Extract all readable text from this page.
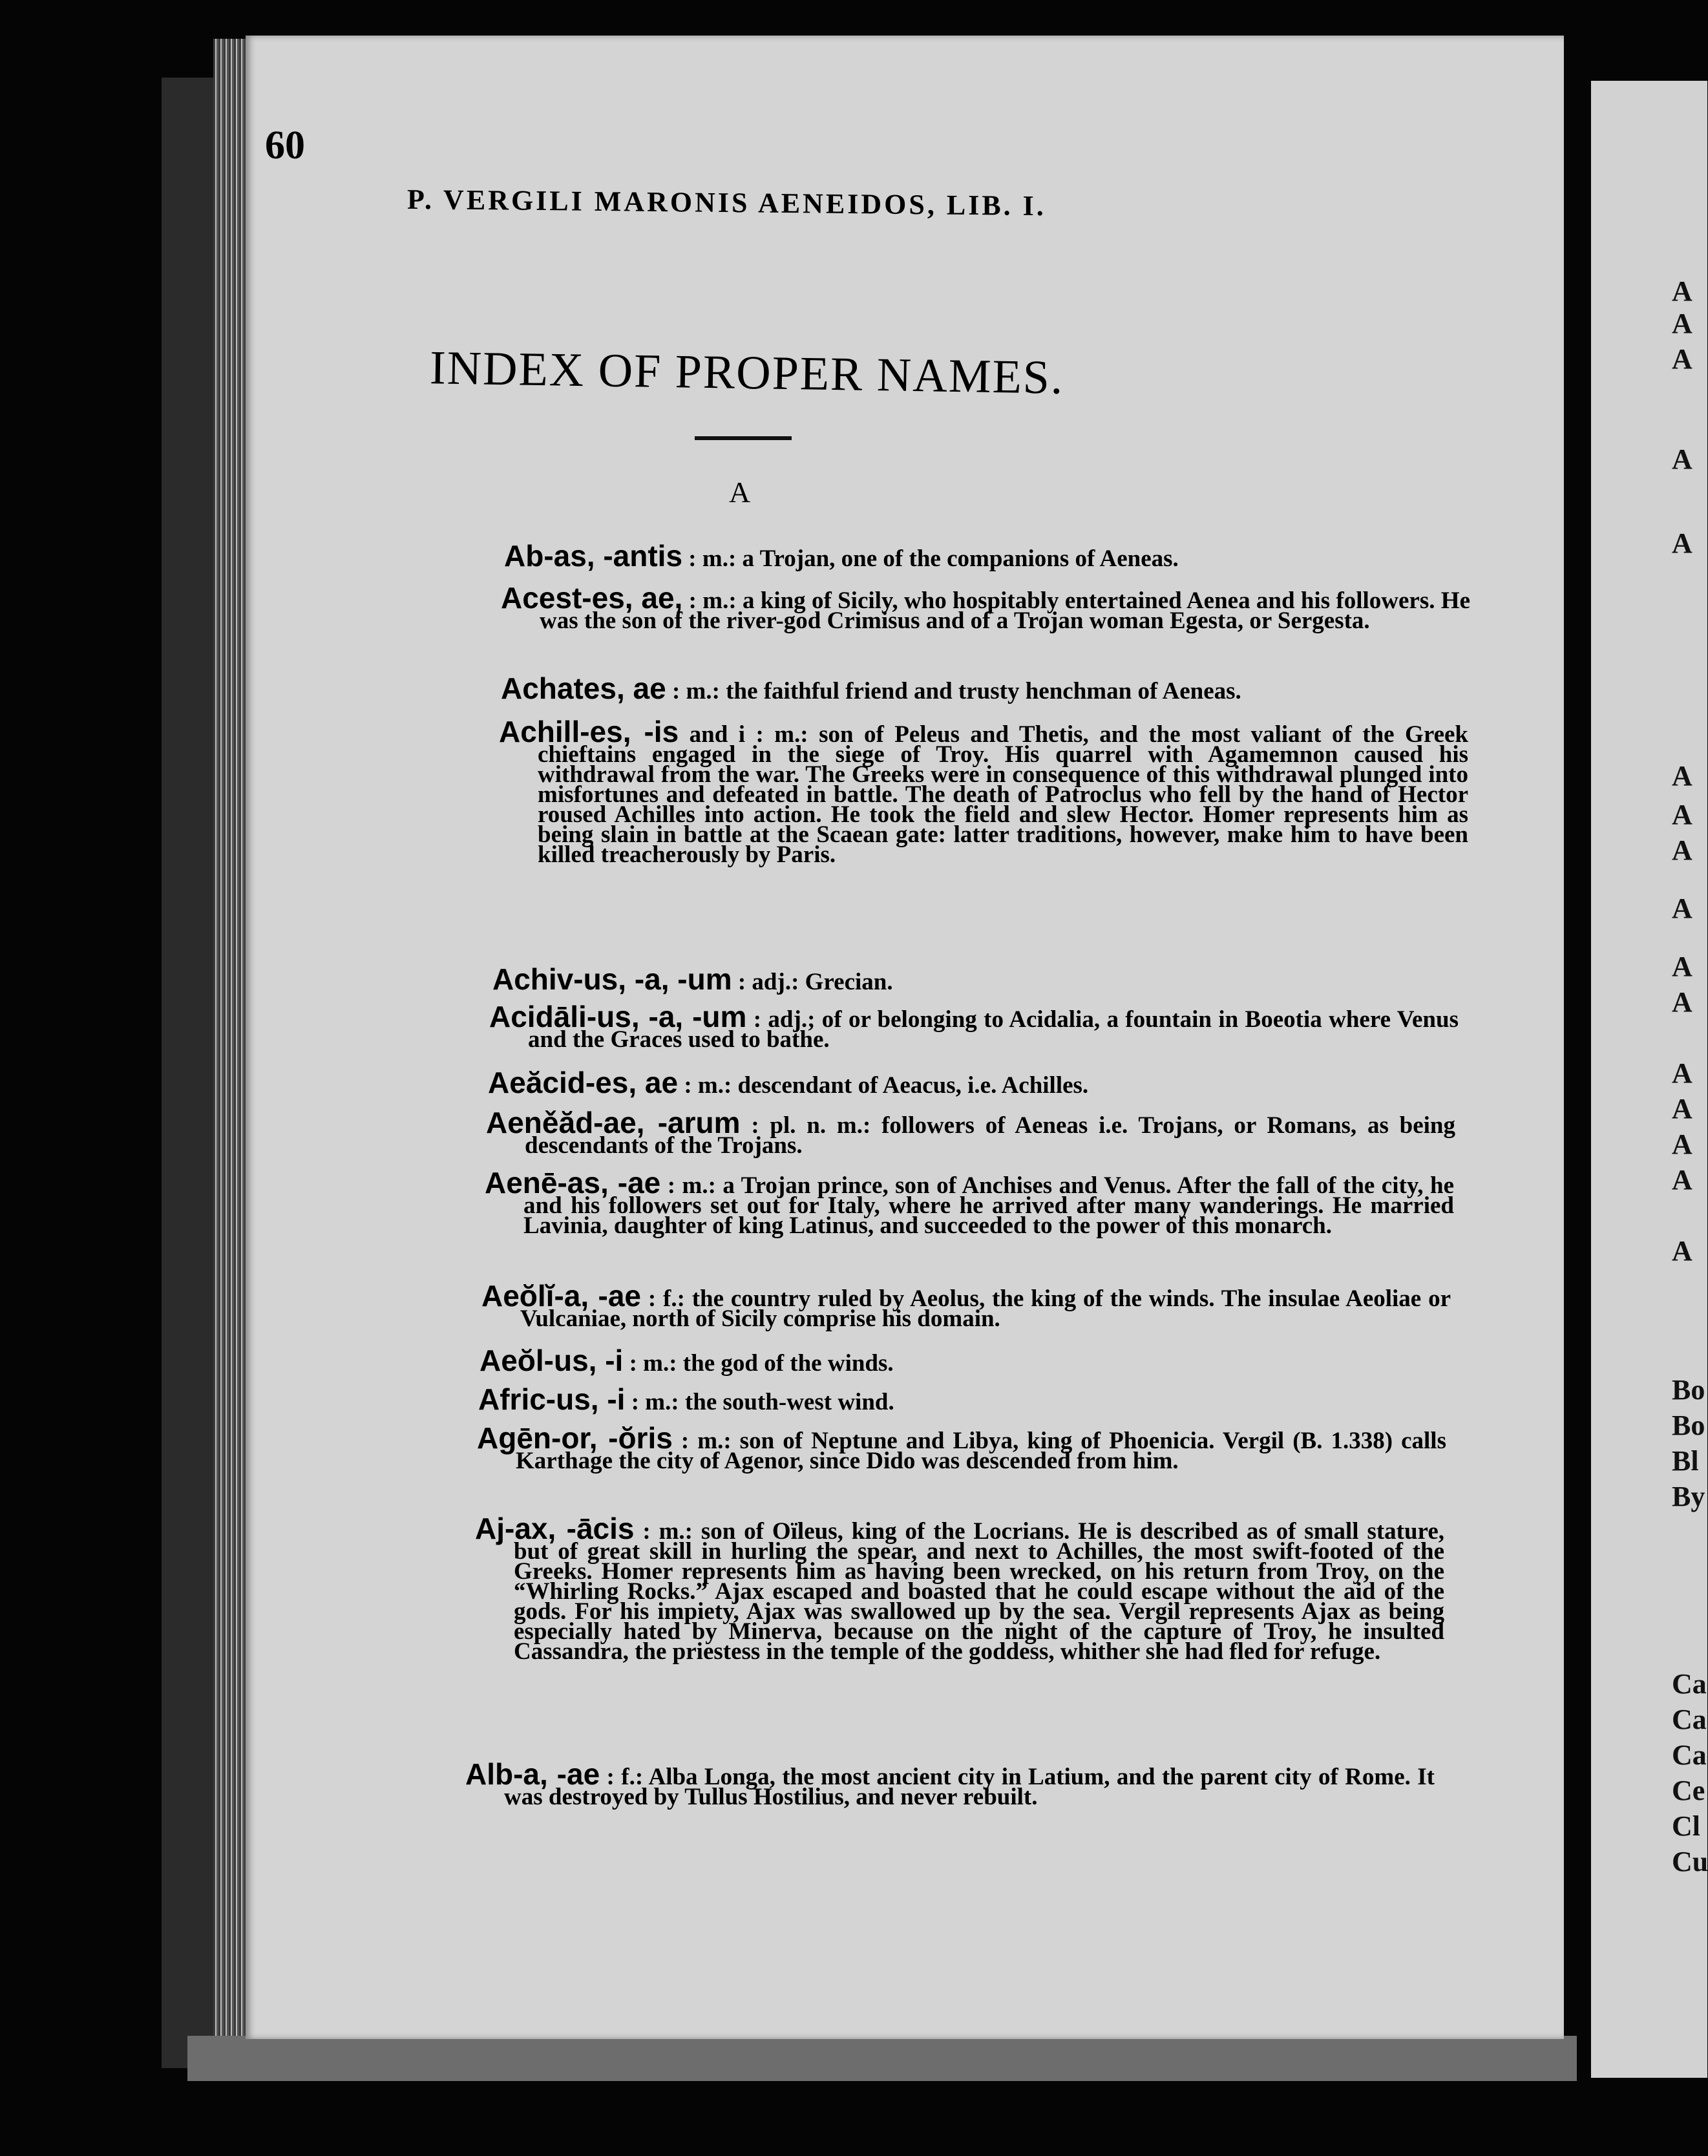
60
P. VERGILI MARONIS AENEIDOS, LIB. I.
INDEX OF PROPER NAMES.
A
Ab-as, -antis : m.: a Trojan, one of the companions of Aeneas.
Acest-es, ae, : m.: a king of Sicily, who hospitably entertained Aenea and his followers. He was the son of the river-god Crimisus and of a Trojan woman Egesta, or Sergesta.
Achates, ae : m.: the faithful friend and trusty henchman of Aeneas.
Achill-es, -is and i : m.: son of Peleus and Thetis, and the most valiant of the Greek chieftains engaged in the siege of Troy. His quarrel with Agamemnon caused his withdrawal from the war. The Greeks were in consequence of this withdrawal plunged into misfortunes and defeated in battle. The death of Patroclus who fell by the hand of Hector roused Achilles into action. He took the field and slew Hector. Homer represents him as being slain in battle at the Scaean gate: latter traditions, however, make him to have been killed treacherously by Paris.
Achiv-us, -a, -um : adj.: Grecian.
Acidāli-us, -a, -um : adj.; of or belonging to Acidalia, a fountain in Boeotia where Venus and the Graces used to bathe.
Aeăcid-es, ae : m.: descendant of Aeacus, i.e. Achilles.
Aeněăd-ae, -arum : pl. n. m.: followers of Aeneas i.e. Trojans, or Romans, as being descendants of the Trojans.
Aenē-as, -ae : m.: a Trojan prince, son of Anchises and Venus. After the fall of the city, he and his followers set out for Italy, where he arrived after many wanderings. He married Lavinia, daughter of king Latinus, and succeeded to the power of this monarch.
Aeŏlĭ-a, -ae : f.: the country ruled by Aeolus, the king of the winds. The insulae Aeoliae or Vulcaniae, north of Sicily comprise his domain.
Aeŏl-us, -i : m.: the god of the winds.
Afric-us, -i : m.: the south-west wind.
Agēn-or, -ŏris : m.: son of Neptune and Libya, king of Phoenicia. Vergil (B. 1.338) calls Karthage the city of Agenor, since Dido was descended from him.
Aj-ax, -ācis : m.: son of Oïleus, king of the Locrians. He is described as of small stature, but of great skill in hurling the spear, and next to Achilles, the most swift-footed of the Greeks. Homer represents him as having been wrecked, on his return from Troy, on the “Whirling Rocks.” Ajax escaped and boasted that he could escape without the aid of the gods. For his impiety, Ajax was swallowed up by the sea. Vergil represents Ajax as being especially hated by Minerva, because on the night of the capture of Troy, he insulted Cassandra, the priestess in the temple of the goddess, whither she had fled for refuge.
Alb-a, -ae : f.: Alba Longa, the most ancient city in Latium, and the parent city of Rome. It was destroyed by Tullus Hostilius, and never rebuilt.
A
A
A
A
A
A
A
A
A
A
A
A
A
A
A
A
Bo
Bo
Bl
By
Ca
Ca
Ca
Ce
Cl
Cu
